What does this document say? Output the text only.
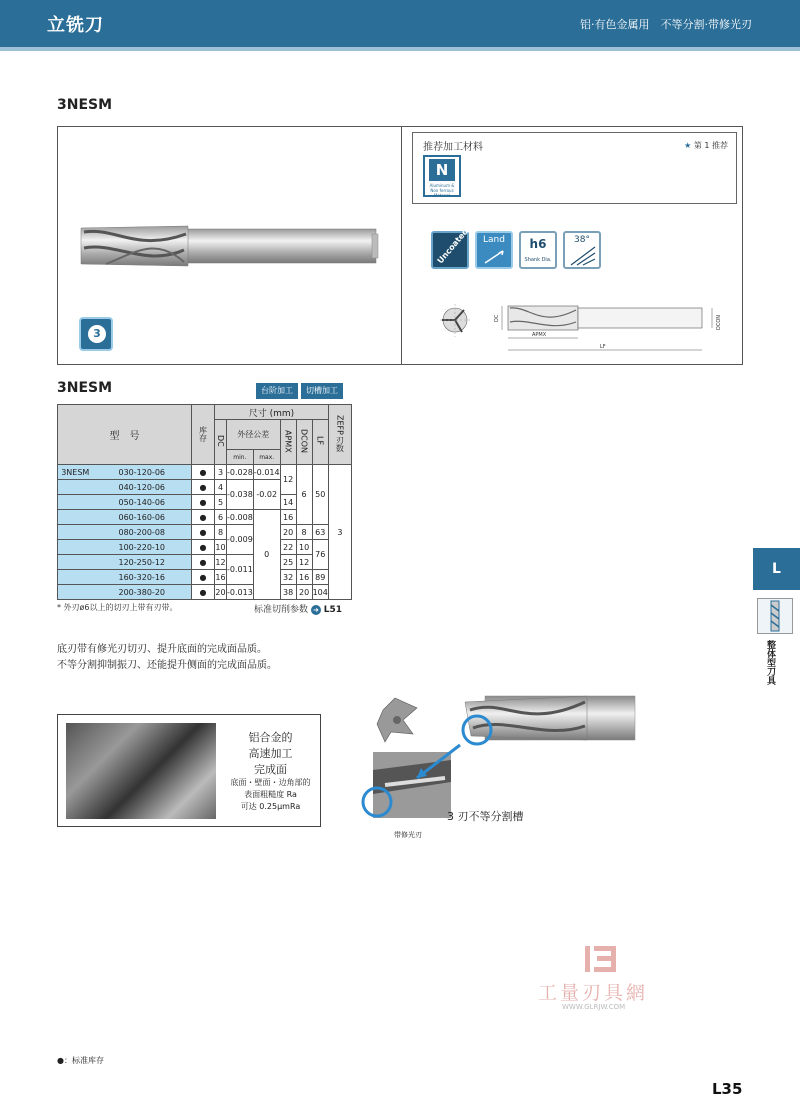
立铣刀	铝·有色金属用　不等分割·带修光刃
3NESM
3
推荐加工材料	★ 第 1 推荐
N
Aluminum &
Non ferrous Material
Uncoated	Land	h6
Shank Dia.
38°
DC	DCON
APMX
LF
3NESM	台阶加工	切槽加工
型　号		库存	尺寸 (mm)						ZEFP
刃数
			DC	外径公差		APMX	DCON	LF	
				min.	max.				
3NESM	030-120-06	●	3	-0.028	-0.014	12	6	50	3
	040-120-06	●	4	-0.038	-0.02				
	050-140-06	●	5			14			
	060-160-06	●	6	-0.008	0	16			
	080-200-08	●	8	-0.009		20	8	63	
	100-220-10	●	10			22	10	76	
	120-250-12	●	12	-0.011		25	12		
	160-320-16	●	16			32	16	89	
	200-380-20	●	20	-0.013		38	20	104	
* 外刃ø6以上的切刃上带有刃带。	标准切削参数 ➜ L51
底刃带有修光刃切刃、提升底面的完成面品质。
不等分割抑制振刀、还能提升侧面的完成面品质。
铝合金的
高速加工
完成面
底面・壁面・边角部的
表面粗糙度 Ra
可达 0.25μmRa
带修光刃
3 刃不等分割槽
L
整体型刀具
工量刃具網
WWW.GLRJW.COM
●：标准库存
L35
